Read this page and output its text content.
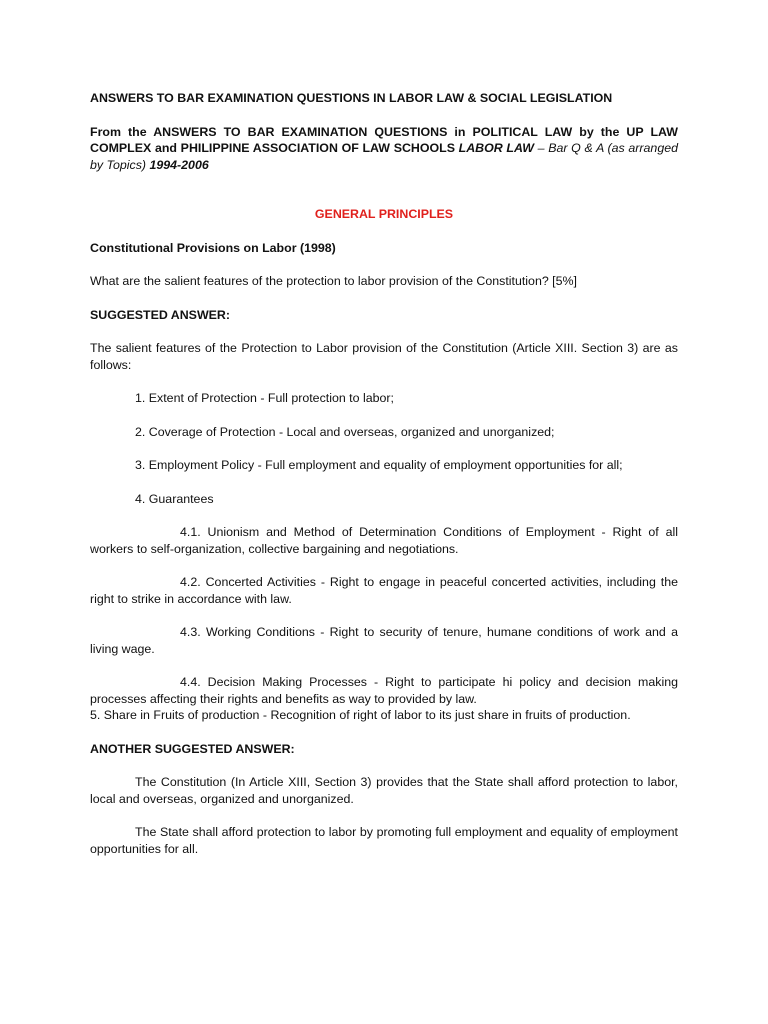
ANSWERS TO BAR EXAMINATION QUESTIONS IN LABOR LAW & SOCIAL LEGISLATION

From the ANSWERS TO BAR EXAMINATION QUESTIONS in POLITICAL LAW by the UP LAW COMPLEX and PHILIPPINE ASSOCIATION OF LAW SCHOOLS LABOR LAW – Bar Q & A (as arranged by Topics) 1994-2006

GENERAL PRINCIPLES

Constitutional Provisions on Labor (1998)

What are the salient features of the protection to labor provision of the Constitution? [5%]

SUGGESTED ANSWER:

The salient features of the Protection to Labor provision of the Constitution (Article XIII. Section 3) are as follows:

1. Extent of Protection - Full protection to labor;

2. Coverage of Protection - Local and overseas, organized and unorganized;

3. Employment Policy - Full employment and equality of employment opportunities for all;

4. Guarantees

4.1. Unionism and Method of Determination Conditions of Employment - Right of all workers to self-organization, collective bargaining and negotiations.

4.2. Concerted Activities - Right to engage in peaceful concerted activities, including the right to strike in accordance with law.

4.3. Working Conditions - Right to security of tenure, humane conditions of work and a living wage.

4.4. Decision Making Processes - Right to participate hi policy and decision making processes affecting their rights and benefits as way to provided by law.

5. Share in Fruits of production - Recognition of right of labor to its just share in fruits of production.

ANOTHER SUGGESTED ANSWER:

The Constitution (In Article XIII, Section 3) provides that the State shall afford protection to labor, local and overseas, organized and unorganized.

The State shall afford protection to labor by promoting full employment and equality of employment opportunities for all.
